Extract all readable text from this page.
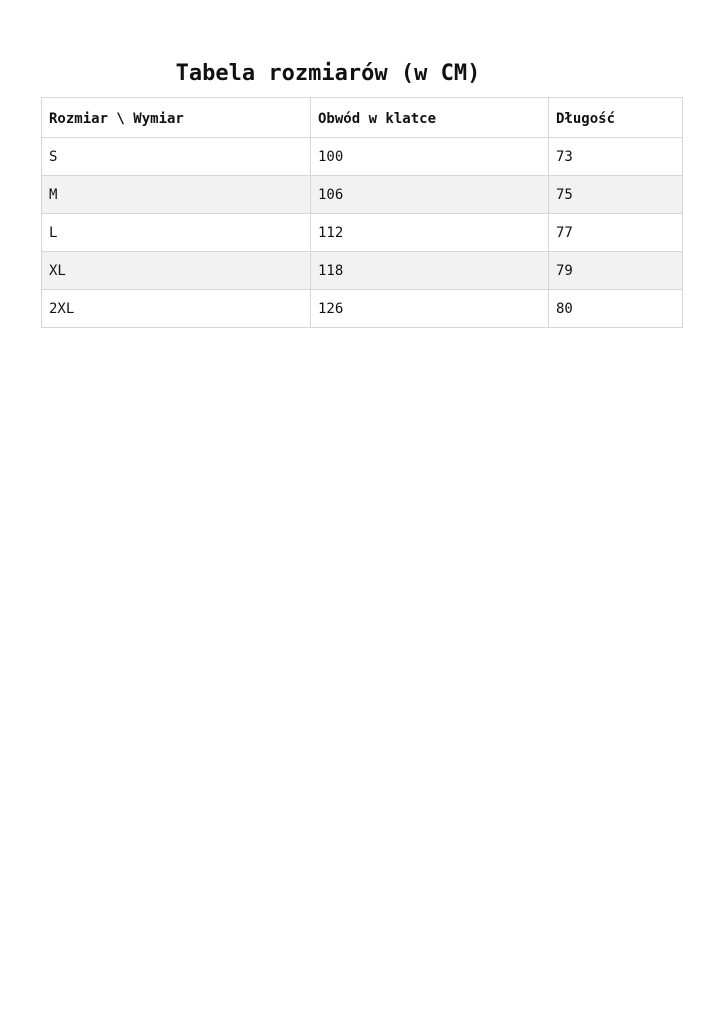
Tabela rozmiarów (w CM)
Rozmiar \ Wymiar	Obwód w klatce	Długość
S	100	73
M	106	75
L	112	77
XL	118	79
2XL	126	80
